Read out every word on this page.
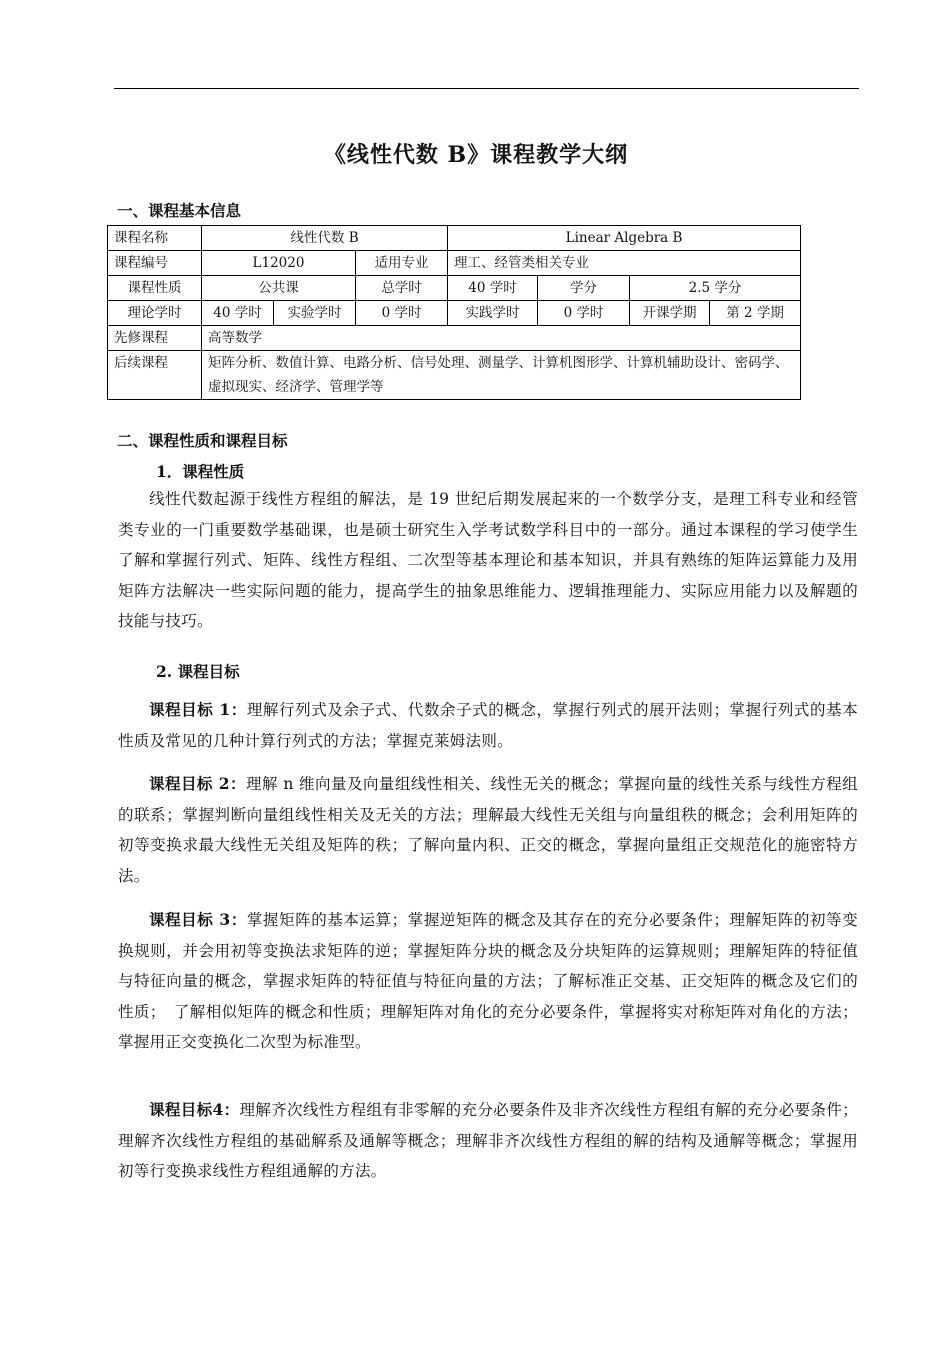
《线性代数 B》课程教学大纲
一、课程基本信息
课程名称	线性代数 B			Linear Algebra B			
课程编号	L12020		适用专业	理工、经管类相关专业			
课程性质	公共课		总学时	40 学时	学分	2.5 学分	
理论学时	40 学时	实验学时	0 学时	实践学时	0 学时	开课学期	第 2 学期
先修课程	高等数学						
后续课程	矩阵分析、数值计算、电路分析、信号处理、测量学、计算机图形学、计算机辅助设计、密码学、虚拟现实、经济学、管理学等						
二、课程性质和课程目标
1．课程性质

线性代数起源于线性方程组的解法，是 19 世纪后期发展起来的一个数学分支，是理工科专业和经管类专业的一门重要数学基础课，也是硕士研究生入学考试数学科目中的一部分。通过本课程的学习使学生了解和掌握行列式、矩阵、线性方程组、二次型等基本理论和基本知识，并具有熟练的矩阵运算能力及用矩阵方法解决一些实际问题的能力，提高学生的抽象思维能力、逻辑推理能力、实际应用能力以及解题的技能与技巧。

2. 课程目标

课程目标 1：理解行列式及余子式、代数余子式的概念，掌握行列式的展开法则；掌握行列式的基本性质及常见的几种计算行列式的方法；掌握克莱姆法则。

课程目标 2：理解 n 维向量及向量组线性相关、线性无关的概念；掌握向量的线性关系与线性方程组的联系；掌握判断向量组线性相关及无关的方法；理解最大线性无关组与向量组秩的概念；会利用矩阵的初等变换求最大线性无关组及矩阵的秩；了解向量内积、正交的概念，掌握向量组正交规范化的施密特方法。

课程目标 3：掌握矩阵的基本运算；掌握逆矩阵的概念及其存在的充分必要条件；理解矩阵的初等变换规则，并会用初等变换法求矩阵的逆；掌握矩阵分块的概念及分块矩阵的运算规则；理解矩阵的特征值与特征向量的概念，掌握求矩阵的特征值与特征向量的方法；了解标准正交基、正交矩阵的概念及它们的性质；　了解相似矩阵的概念和性质；理解矩阵对角化的充分必要条件，掌握将实对称矩阵对角化的方法；掌握用正交变换化二次型为标准型。

课程目标4：理解齐次线性方程组有非零解的充分必要条件及非齐次线性方程组有解的充分必要条件；理解齐次线性方程组的基础解系及通解等概念；理解非齐次线性方程组的解的结构及通解等概念；掌握用初等行变换求线性方程组通解的方法。
